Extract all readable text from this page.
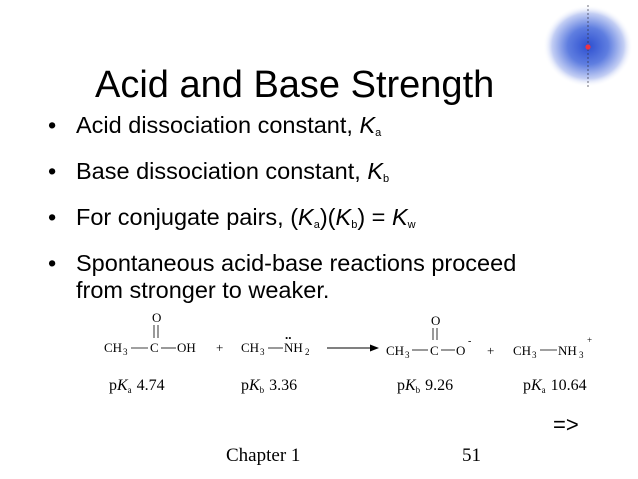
Acid and Base Strength
• Acid dissociation constant, $K_a$
• Base dissociation constant, $K_b$
• For conjugate pairs, $(K_a)(K_b) = K_w$
• Spontaneous acid-base reactions proceed from stronger to weaker.
O
CH 3 C OH + CH 3
..
NH 2
O
CH 3 C O
-
+ CH 3 NH 3
+
pKa 4.74	pKb 3.36	pKb 9.26	pKa 10.64
=>
Chapter 1	51
